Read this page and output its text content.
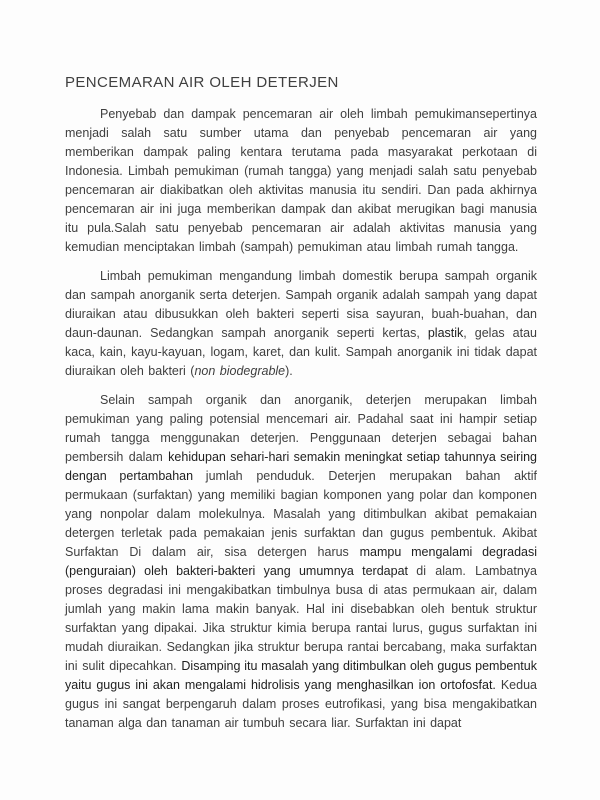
PENCEMARAN AIR OLEH DETERJEN

Penyebab dan dampak pencemaran air oleh limbah pemukimansepertinya menjadi salah satu sumber utama dan penyebab pencemaran air yang memberikan dampak paling kentara terutama pada masyarakat perkotaan di Indonesia. Limbah pemukiman (rumah tangga) yang menjadi salah satu penyebab pencemaran air diakibatkan oleh aktivitas manusia itu sendiri. Dan pada akhirnya pencemaran air ini juga memberikan dampak dan akibat merugikan bagi manusia itu pula.Salah satu penyebab pencemaran air adalah aktivitas manusia yang kemudian menciptakan limbah (sampah) pemukiman atau limbah rumah tangga.

Limbah pemukiman mengandung limbah domestik berupa sampah organik dan sampah anorganik serta deterjen. Sampah organik adalah sampah yang dapat diuraikan atau dibusukkan oleh bakteri seperti sisa sayuran, buah-buahan, dan daun-daunan. Sedangkan sampah anorganik seperti kertas, plastik, gelas atau kaca, kain, kayu-kayuan, logam, karet, dan kulit. Sampah anorganik ini tidak dapat diuraikan oleh bakteri (non biodegrable).

Selain sampah organik dan anorganik, deterjen merupakan limbah pemukiman yang paling potensial mencemari air. Padahal saat ini hampir setiap rumah tangga menggunakan deterjen. Penggunaan deterjen sebagai bahan pembersih dalam kehidupan sehari-hari semakin meningkat setiap tahunnya seiring dengan pertambahan jumlah penduduk. Deterjen merupakan bahan aktif permukaan (surfaktan) yang memiliki bagian komponen yang polar dan komponen yang nonpolar dalam molekulnya. Masalah yang ditimbulkan akibat pemakaian detergen terletak pada pemakaian jenis surfaktan dan gugus pembentuk. Akibat Surfaktan Di dalam air, sisa detergen harus mampu mengalami degradasi (penguraian) oleh bakteri-bakteri yang umumnya terdapat di alam. Lambatnya proses degradasi ini mengakibatkan timbulnya busa di atas permukaan air, dalam jumlah yang makin lama makin banyak. Hal ini disebabkan oleh bentuk struktur surfaktan yang dipakai. Jika struktur kimia berupa rantai lurus, gugus surfaktan ini mudah diuraikan. Sedangkan jika struktur berupa rantai bercabang, maka surfaktan ini sulit dipecahkan. Disamping itu masalah yang ditimbulkan oleh gugus pembentuk yaitu gugus ini akan mengalami hidrolisis yang menghasilkan ion ortofosfat. Kedua gugus ini sangat berpengaruh dalam proses eutrofikasi, yang bisa mengakibatkan tanaman alga dan tanaman air tumbuh secara liar. Surfaktan ini dapat
